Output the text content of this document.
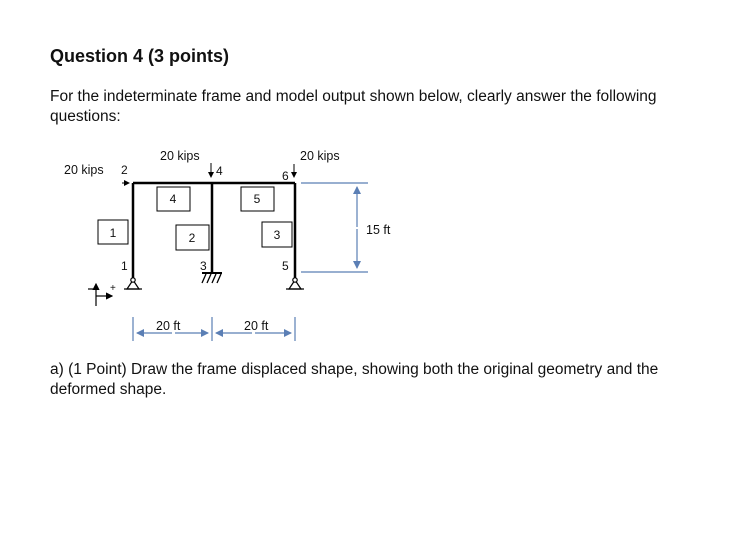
Question 4 (3 points)

For the indeterminate frame and model output shown below, clearly answer the following questions:

20 kips
20 kips	20 kips
1
2
3
4
5
6
1	2	3
4	5
+
20 ft	20 ft
15 ft

a) (1 Point) Draw the frame displaced shape, showing both the original geometry and the deformed shape.
